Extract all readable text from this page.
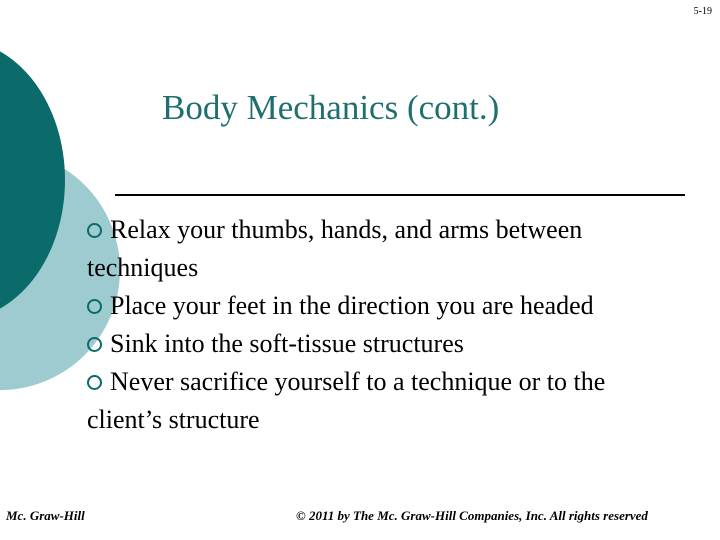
5-19
Body Mechanics (cont.)

Relax your thumbs, hands, and arms between techniques

Place your feet in the direction you are headed

Sink into the soft-tissue structures

Never sacrifice yourself to a technique or to the client’s structure

Mc. Graw-Hill	© 2011 by The Mc. Graw-Hill Companies, Inc. All rights reserved
